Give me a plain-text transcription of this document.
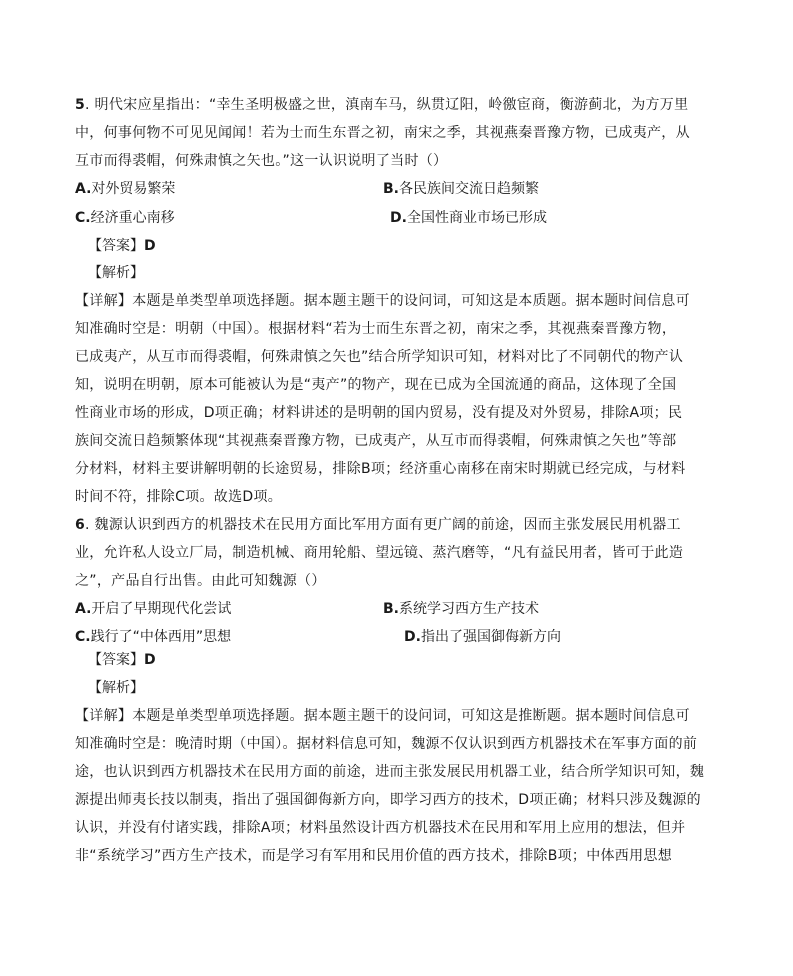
5. 明代宋应星指出：“幸生圣明极盛之世，滇南车马，纵贯辽阳，岭徼宦商，衡游蓟北，为方万里
中，何事何物不可见见闻闻！若为士而生东晋之初，南宋之季，其视燕秦晋豫方物，已成夷产，从
互市而得裘帽，何殊肃慎之矢也。”这一认识说明了当时（）
A.对外贸易繁荣	B.各民族间交流日趋频繁
C.经济重心南移	D.全国性商业市场已形成
【答案】D
【解析】
【详解】本题是单类型单项选择题。据本题主题干的设问词，可知这是本质题。据本题时间信息可
知准确时空是：明朝（中国）。根据材料“若为士而生东晋之初，南宋之季，其视燕秦晋豫方物，
已成夷产，从互市而得裘帽，何殊肃慎之矢也”结合所学知识可知，材料对比了不同朝代的物产认
知，说明在明朝，原本可能被认为是“夷产”的物产，现在已成为全国流通的商品，这体现了全国
性商业市场的形成，D项正确；材料讲述的是明朝的国内贸易，没有提及对外贸易，排除A项；民
族间交流日趋频繁体现“其视燕秦晋豫方物，已成夷产，从互市而得裘帽，何殊肃慎之矢也”等部
分材料，材料主要讲解明朝的长途贸易，排除B项；经济重心南移在南宋时期就已经完成，与材料
时间不符，排除C项。故选D项。
6. 魏源认识到西方的机器技术在民用方面比军用方面有更广阔的前途，因而主张发展民用机器工
业，允许私人设立厂局，制造机械、商用轮船、望远镜、蒸汽磨等，“凡有益民用者，皆可于此造
之”，产品自行出售。由此可知魏源（）
A.开启了早期现代化尝试	B.系统学习西方生产技术
C.践行了“中体西用”思想	D.指出了强国御侮新方向
【答案】D
【解析】
【详解】本题是单类型单项选择题。据本题主题干的设问词，可知这是推断题。据本题时间信息可
知准确时空是：晚清时期（中国）。据材料信息可知，魏源不仅认识到西方机器技术在军事方面的前
途，也认识到西方机器技术在民用方面的前途，进而主张发展民用机器工业，结合所学知识可知，魏
源提出师夷长技以制夷，指出了强国御侮新方向，即学习西方的技术，D项正确；材料只涉及魏源的
认识，并没有付诸实践，排除A项；材料虽然设计西方机器技术在民用和军用上应用的想法，但并
非“系统学习”西方生产技术，而是学习有军用和民用价值的西方技术，排除B项；中体西用思想
